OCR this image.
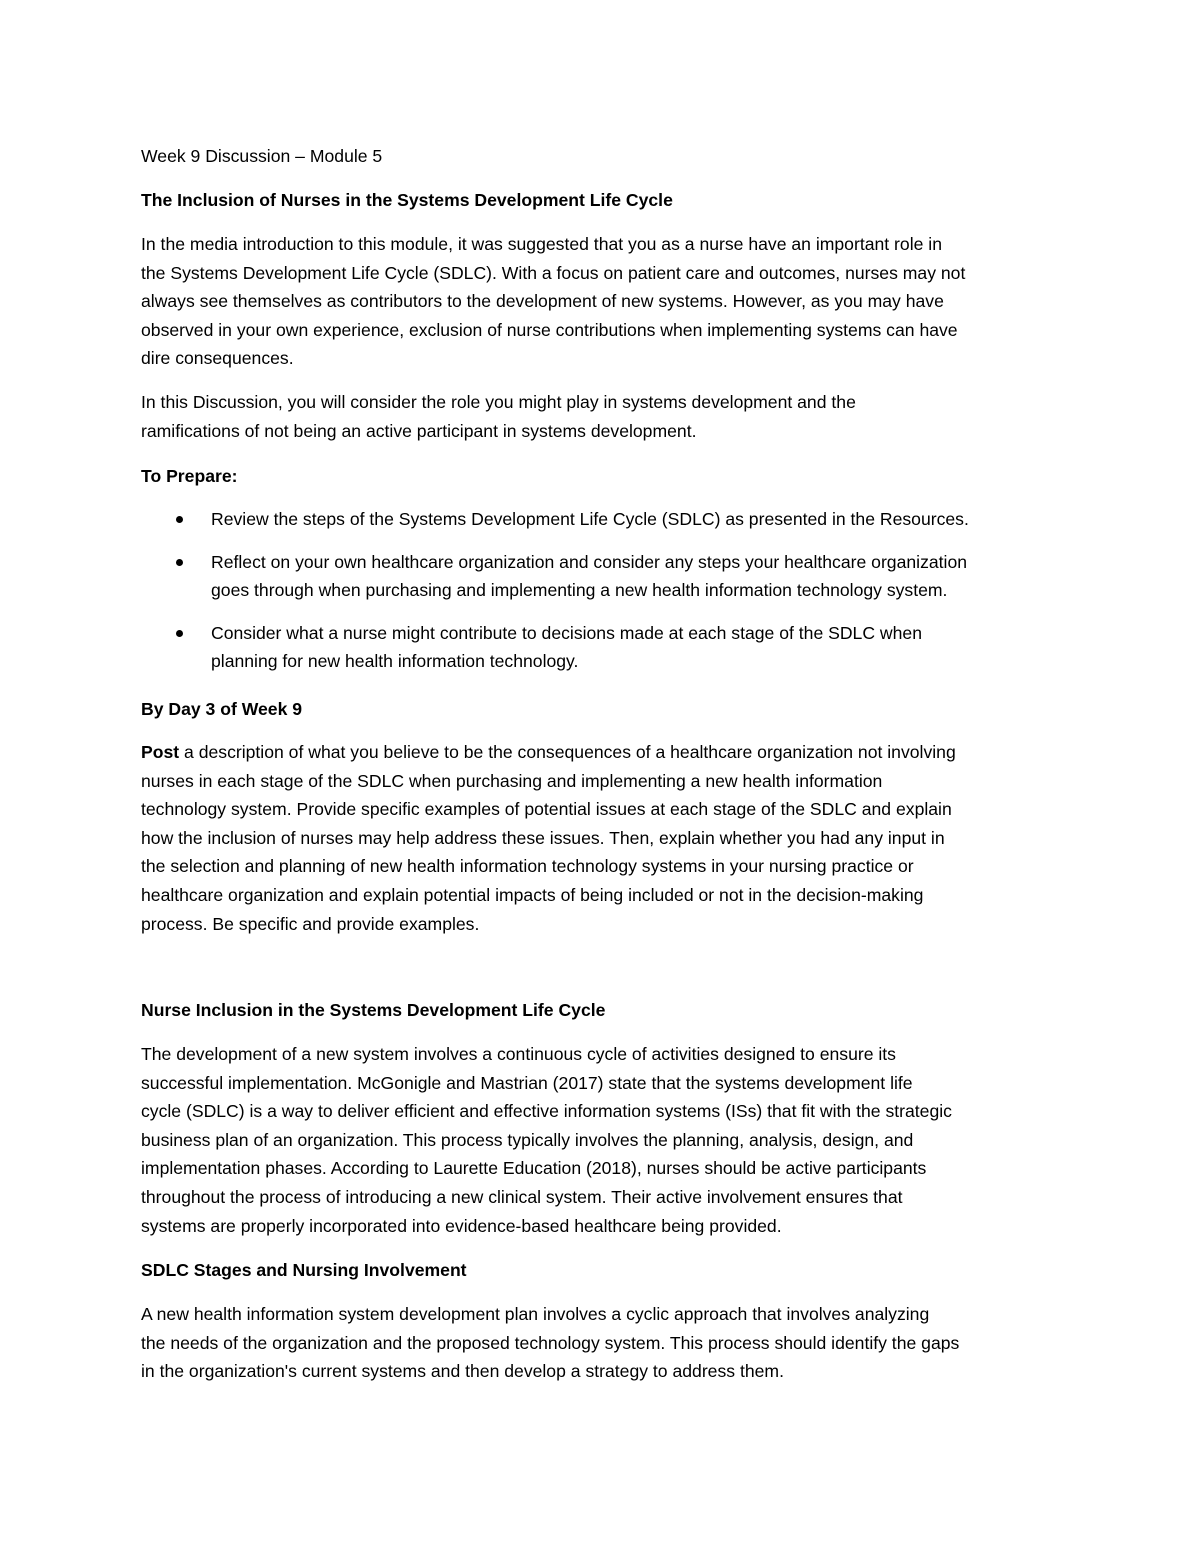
Week 9 Discussion – Module 5

The Inclusion of Nurses in the Systems Development Life Cycle

In the media introduction to this module, it was suggested that you as a nurse have an important role in
the Systems Development Life Cycle (SDLC). With a focus on patient care and outcomes, nurses may not
always see themselves as contributors to the development of new systems. However, as you may have
observed in your own experience, exclusion of nurse contributions when implementing systems can have
dire consequences.
In this Discussion, you will consider the role you might play in systems development and the
ramifications of not being an active participant in systems development.

To Prepare:

Review the steps of the Systems Development Life Cycle (SDLC) as presented in the Resources.
Reflect on your own healthcare organization and consider any steps your healthcare organization
goes through when purchasing and implementing a new health information technology system.
Consider what a nurse might contribute to decisions made at each stage of the SDLC when
planning for new health information technology.

By Day 3 of Week 9

Post a description of what you believe to be the consequences of a healthcare organization not involving
nurses in each stage of the SDLC when purchasing and implementing a new health information
technology system. Provide specific examples of potential issues at each stage of the SDLC and explain
how the inclusion of nurses may help address these issues. Then, explain whether you had any input in
the selection and planning of new health information technology systems in your nursing practice or
healthcare organization and explain potential impacts of being included or not in the decision-making
process. Be specific and provide examples.

Nurse Inclusion in the Systems Development Life Cycle

The development of a new system involves a continuous cycle of activities designed to ensure its
successful implementation. McGonigle and Mastrian (2017) state that the systems development life
cycle (SDLC) is a way to deliver efficient and effective information systems (ISs) that fit with the strategic
business plan of an organization. This process typically involves the planning, analysis, design, and
implementation phases. According to Laurette Education (2018), nurses should be active participants
throughout the process of introducing a new clinical system. Their active involvement ensures that
systems are properly incorporated into evidence-based healthcare being provided.

SDLC Stages and Nursing Involvement

A new health information system development plan involves a cyclic approach that involves analyzing
the needs of the organization and the proposed technology system. This process should identify the gaps
in the organization's current systems and then develop a strategy to address them.
